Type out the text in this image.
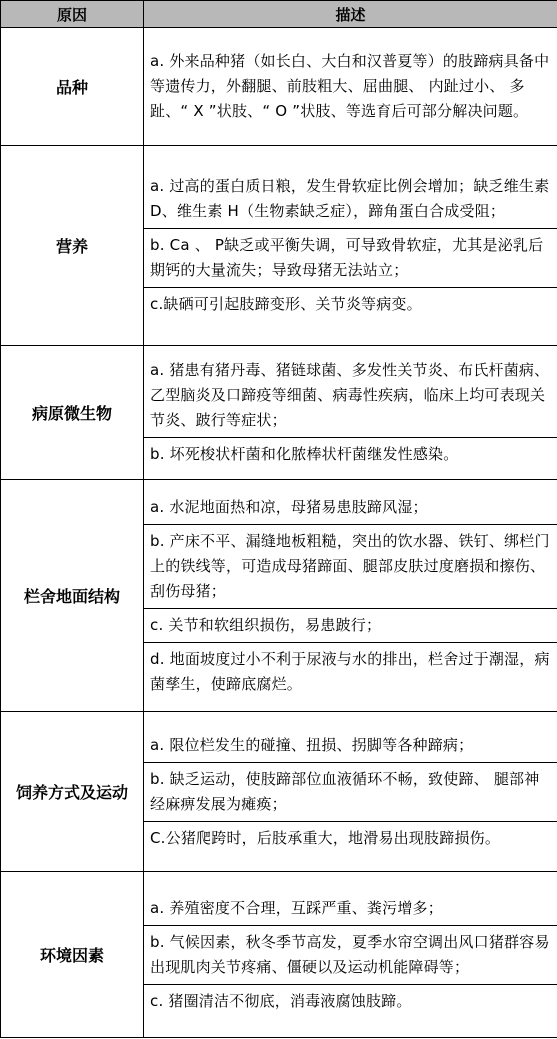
原因	描述
品种	a. 外来品种猪（如长白、大白和汉普夏等）的肢蹄病具备中等遗传力，外翻腿、前肢粗大、屈曲腿、 内趾过小、 多趾、“ X ”状肢、“ O ”状肢、等选育后可部分解决问题。

营养	a. 过高的蛋白质日粮，发生骨软症比例会增加；缺乏维生素 D、维生素 H（生物素缺乏症），蹄角蛋白合成受阻；
b. Ca 、 P缺乏或平衡失调，可导致骨软症，尤其是泌乳后期钙的大量流失；导致母猪无法站立；
c.缺硒可引起肢蹄变形、关节炎等病变。

病原微生物	a. 猪患有猪丹毒、猪链球菌、多发性关节炎、布氏杆菌病、乙型脑炎及口蹄疫等细菌、病毒性疾病，临床上均可表现关节炎、跛行等症状；
b. 坏死梭状杆菌和化脓棒状杆菌继发性感染。

栏舍地面结构	a. 水泥地面热和凉，母猪易患肢蹄风湿；
b. 产床不平、漏缝地板粗糙，突出的饮水器、铁钉、绑栏门上的铁线等，可造成母猪蹄面、腿部皮肤过度磨损和擦伤、刮伤母猪；
c. 关节和软组织损伤，易患跛行；
d. 地面坡度过小不利于尿液与水的排出，栏舍过于潮湿，病菌孳生，使蹄底腐烂。

饲养方式及运动	a. 限位栏发生的碰撞、扭损、拐脚等各种蹄病；
b. 缺乏运动，使肢蹄部位血液循环不畅，致使蹄、 腿部神经麻痹发展为瘫痪；
C.公猪爬跨时，后肢承重大，地滑易出现肢蹄损伤。

环境因素	a. 养殖密度不合理，互踩严重、粪污增多；
b. 气候因素，秋冬季节高发，夏季水帘空调出风口猪群容易出现肌肉关节疼痛、僵硬以及运动机能障碍等；
c. 猪圈清洁不彻底，消毒液腐蚀肢蹄。
